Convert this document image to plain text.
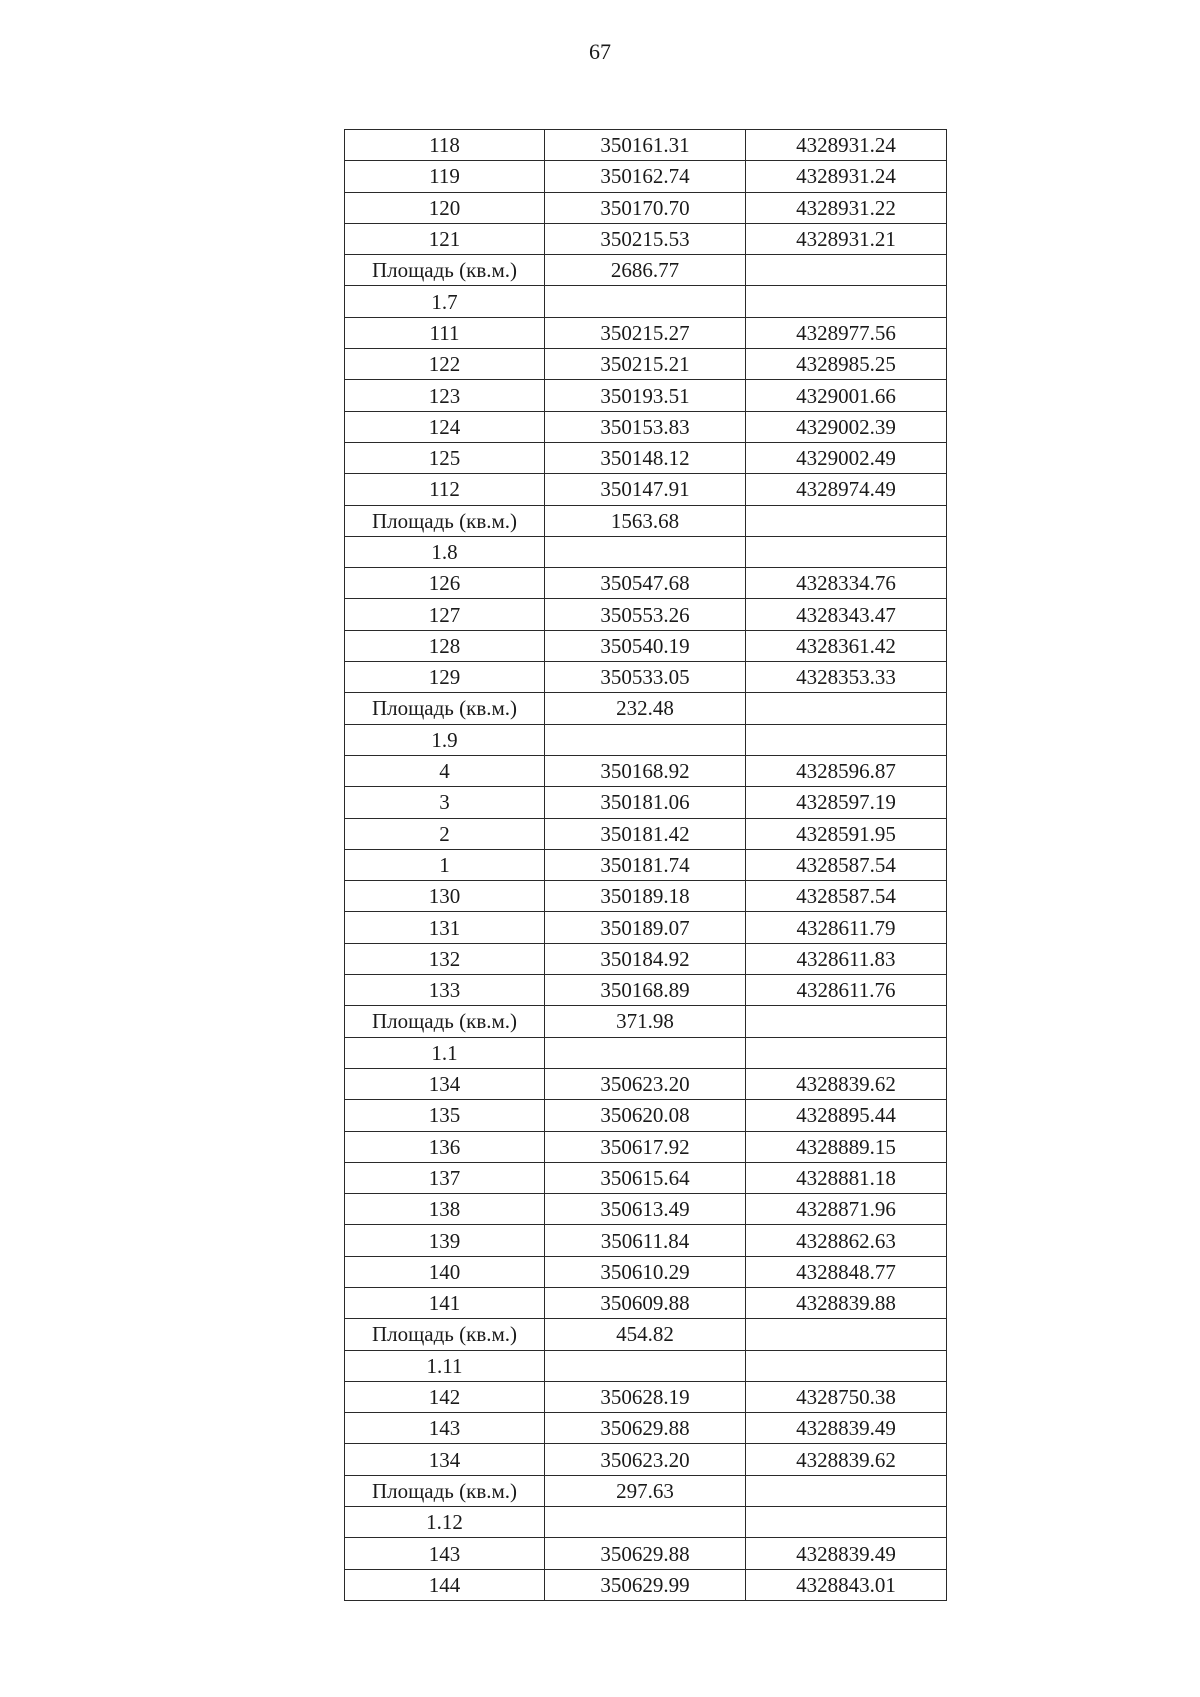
67
118	350161.31	4328931.24
119	350162.74	4328931.24
120	350170.70	4328931.22
121	350215.53	4328931.21
Площадь (кв.м.)	2686.77	
1.7		
111	350215.27	4328977.56
122	350215.21	4328985.25
123	350193.51	4329001.66
124	350153.83	4329002.39
125	350148.12	4329002.49
112	350147.91	4328974.49
Площадь (кв.м.)	1563.68	
1.8		
126	350547.68	4328334.76
127	350553.26	4328343.47
128	350540.19	4328361.42
129	350533.05	4328353.33
Площадь (кв.м.)	232.48	
1.9		
4	350168.92	4328596.87
3	350181.06	4328597.19
2	350181.42	4328591.95
1	350181.74	4328587.54
130	350189.18	4328587.54
131	350189.07	4328611.79
132	350184.92	4328611.83
133	350168.89	4328611.76
Площадь (кв.м.)	371.98	
1.1		
134	350623.20	4328839.62
135	350620.08	4328895.44
136	350617.92	4328889.15
137	350615.64	4328881.18
138	350613.49	4328871.96
139	350611.84	4328862.63
140	350610.29	4328848.77
141	350609.88	4328839.88
Площадь (кв.м.)	454.82	
1.11		
142	350628.19	4328750.38
143	350629.88	4328839.49
134	350623.20	4328839.62
Площадь (кв.м.)	297.63	
1.12		
143	350629.88	4328839.49
144	350629.99	4328843.01
